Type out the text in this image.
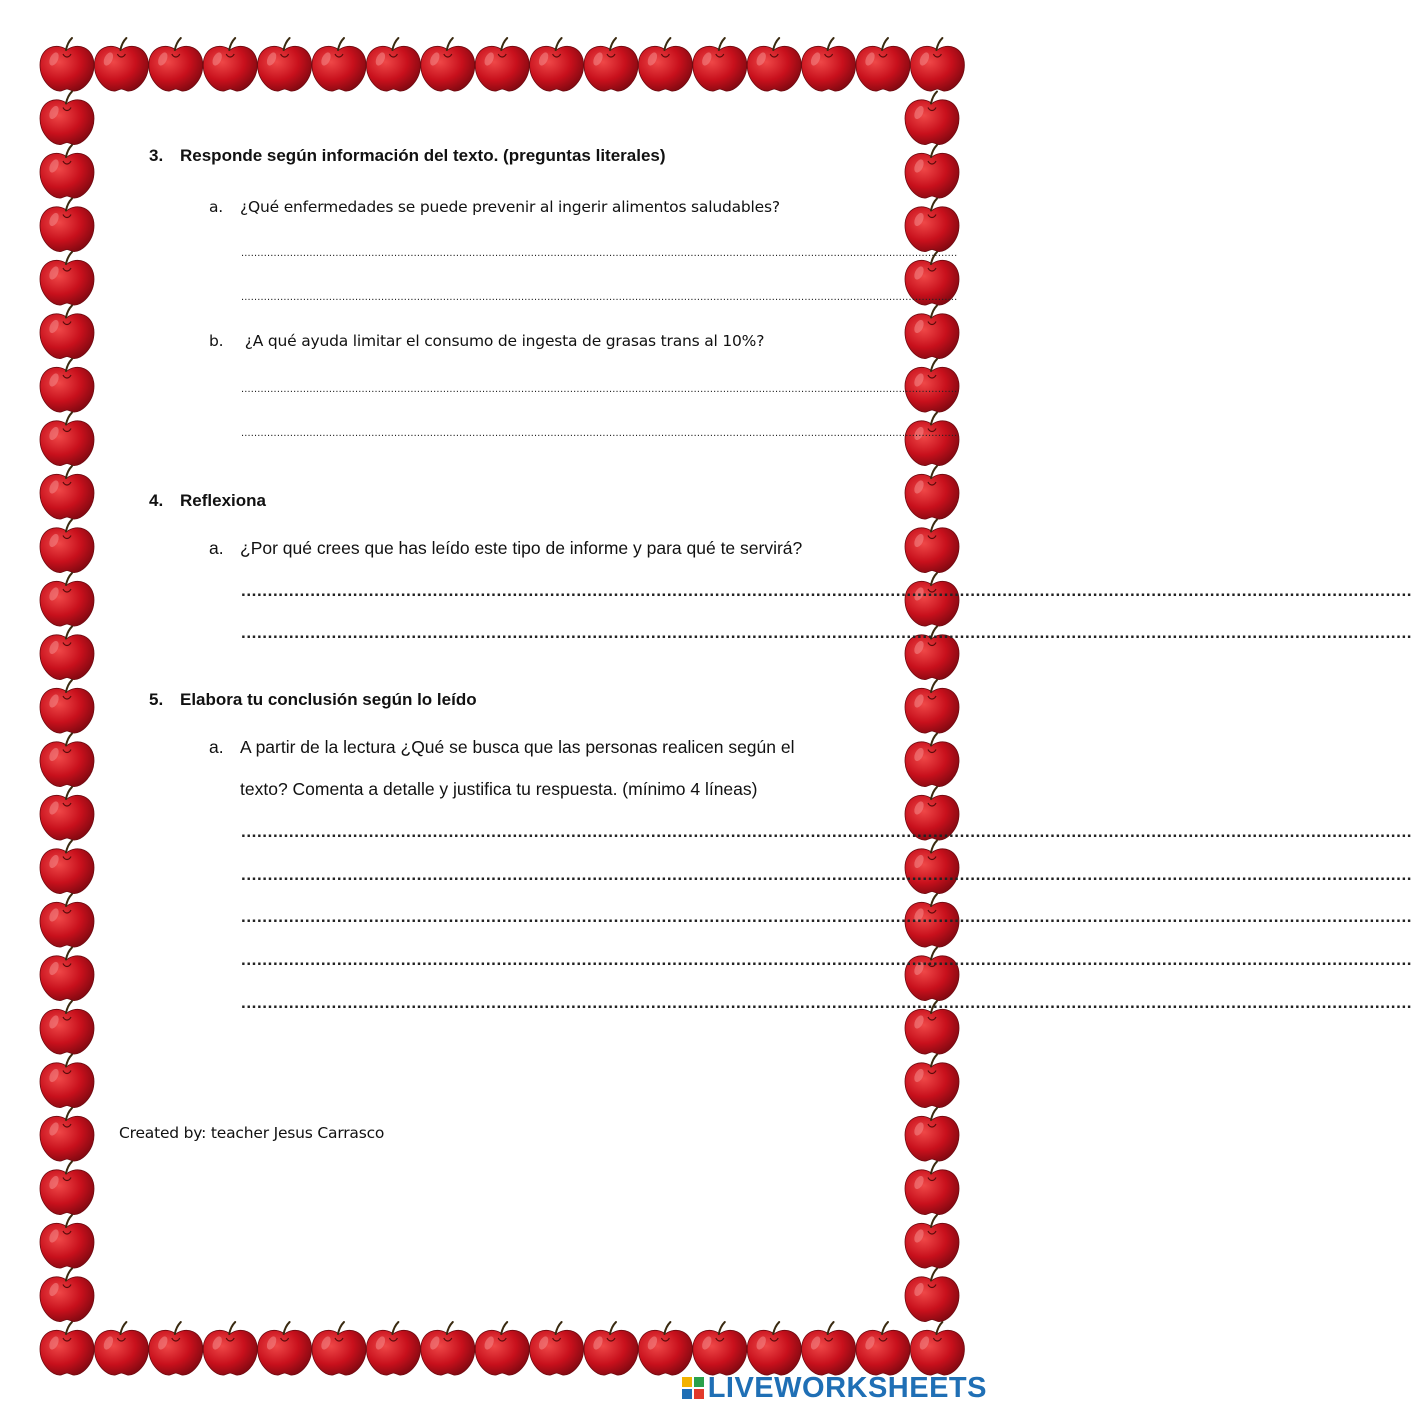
3. Responde según información del texto. (preguntas literales)
a. ¿Qué enfermedades se puede prevenir al ingerir alimentos saludables?
............................................................................................................................................................................................................................
............................................................................................................................................................................................................................
b. ¿A qué ayuda limitar el consumo de ingesta de grasas trans al 10%?
............................................................................................................................................................................................................................
............................................................................................................................................................................................................................
4. Reflexiona
a. ¿Por qué crees que has leído este tipo de informe y para qué te servirá?
............................................................................................................................................................................................................................
............................................................................................................................................................................................................................
5. Elabora tu conclusión según lo leído
a. A partir de la lectura ¿Qué se busca que las personas realicen según el
texto? Comenta a detalle y justifica tu respuesta. (mínimo 4 líneas)
............................................................................................................................................................................................................................
............................................................................................................................................................................................................................
............................................................................................................................................................................................................................
............................................................................................................................................................................................................................
............................................................................................................................................................................................................................
Created by: teacher Jesus Carrasco
LIVEWORKSHEETS
